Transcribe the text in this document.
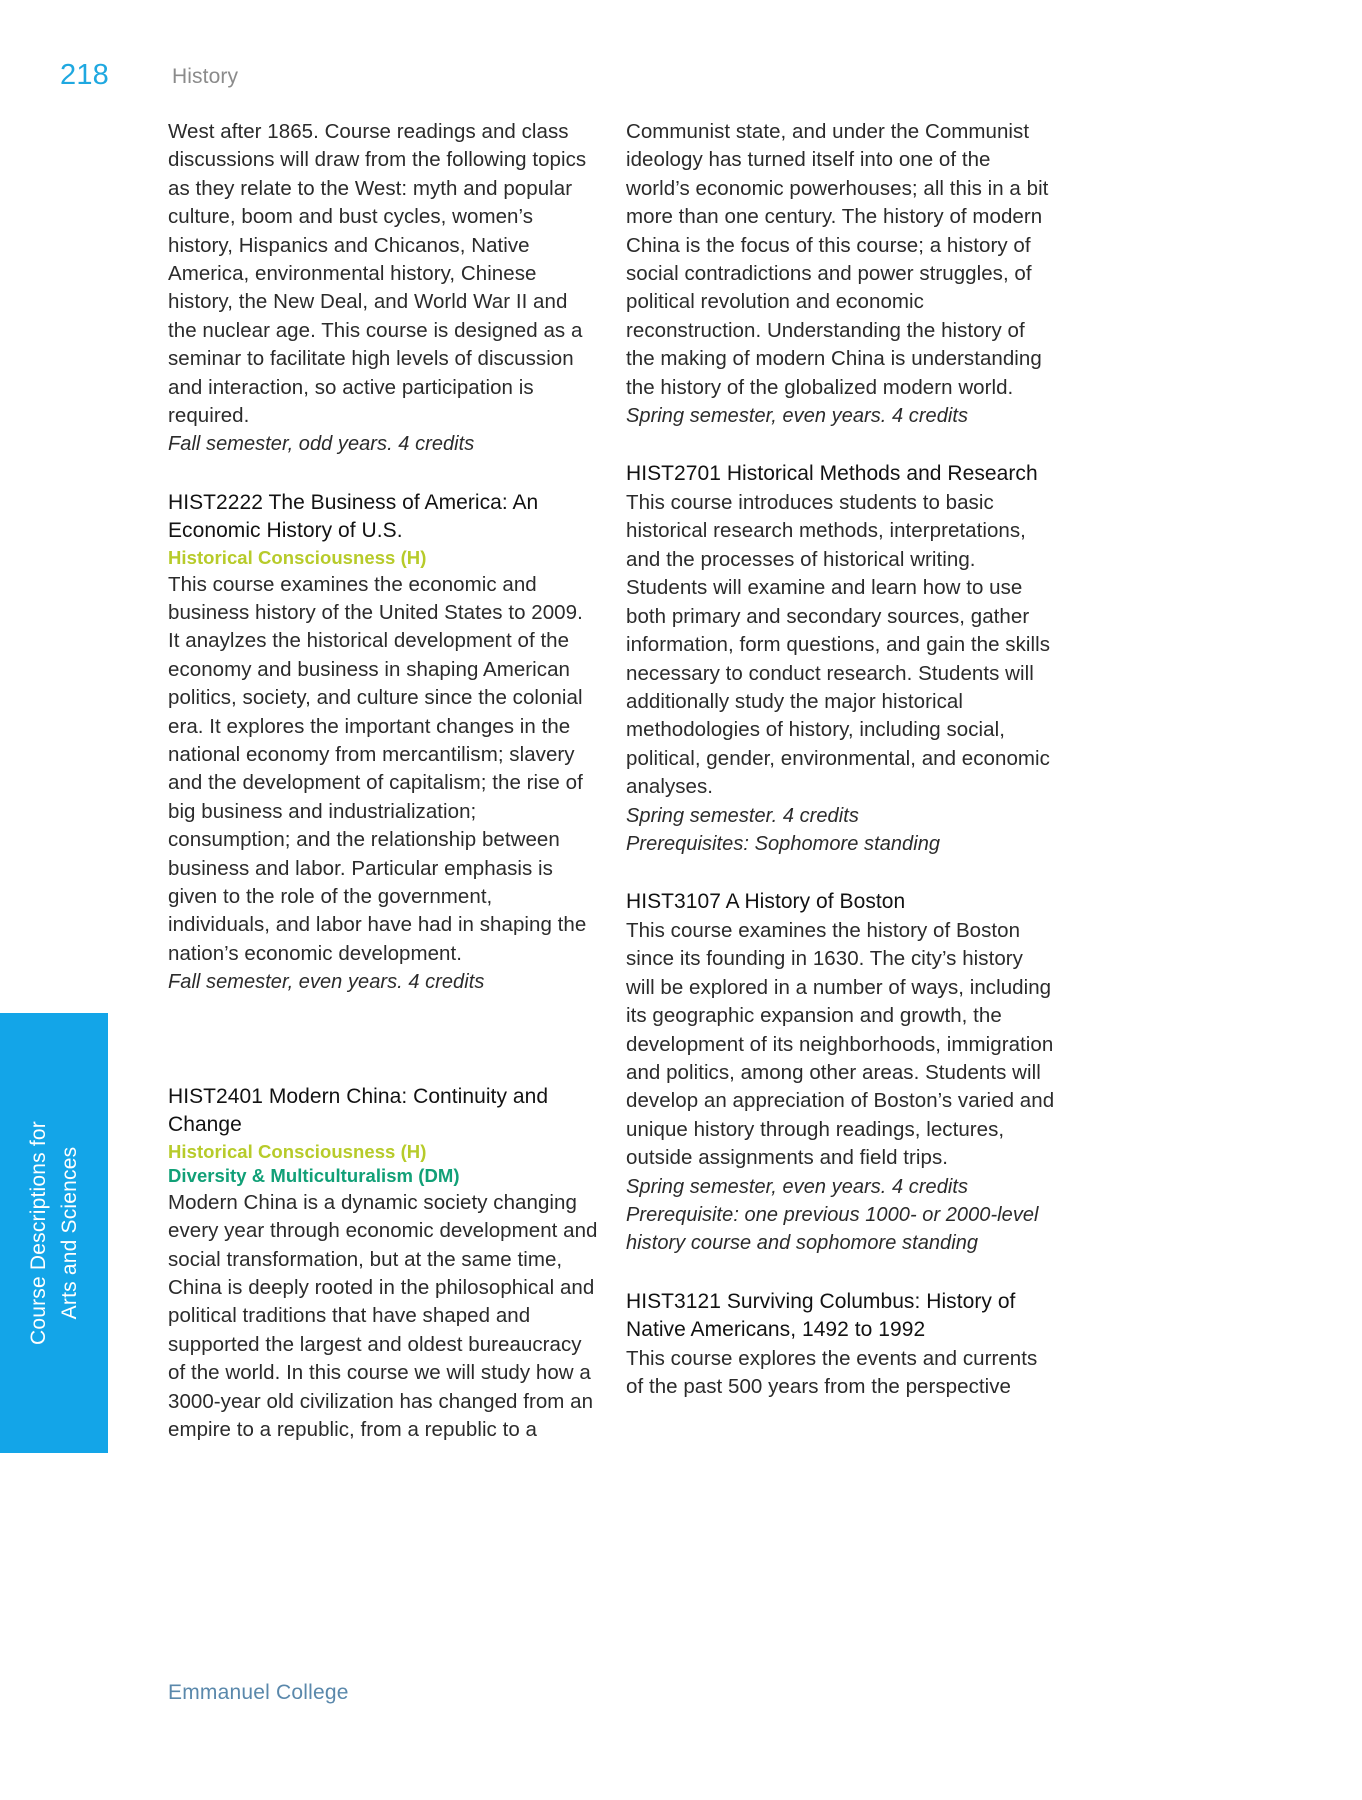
218	History
Course Descriptions for Arts and Sciences

West after 1865. Course readings and class discussions will draw from the following topics as they relate to the West: myth and popular culture, boom and bust cycles, women’s history, Hispanics and Chicanos, Native America, environmental history, Chinese history, the New Deal, and World War II and the nuclear age. This course is designed as a seminar to facilitate high levels of discussion and interaction, so active participation is required.

Fall semester, odd years. 4 credits

HIST2222 The Business of America: An Economic History of U.S.

Historical Consciousness (H)

This course examines the economic and business history of the United States to 2009. It anaylzes the historical development of the economy and business in shaping American politics, society, and culture since the colonial era. It explores the important changes in the national economy from mercantilism; slavery and the development of capitalism; the rise of big business and industrialization; consumption; and the relationship between business and labor. Particular emphasis is given to the role of the government, individuals, and labor have had in shaping the nation’s economic development.

Fall semester, even years. 4 credits

HIST2401 Modern China: Continuity and Change

Historical Consciousness (H)

Diversity & Multiculturalism (DM)

Modern China is a dynamic society changing every year through economic development and social transformation, but at the same time, China is deeply rooted in the philosophical and political traditions that have shaped and supported the largest and oldest bureaucracy of the world. In this course we will study how a 3000-year old civilization has changed from an empire to a republic, from a republic to a

Communist state, and under the Communist ideology has turned itself into one of the world’s economic powerhouses; all this in a bit more than one century. The history of modern China is the focus of this course; a history of social contradictions and power struggles, of political revolution and economic reconstruction. Understanding the history of the making of modern China is understanding the history of the globalized modern world.

Spring semester, even years. 4 credits

HIST2701 Historical Methods and Research

This course introduces students to basic historical research methods, interpretations, and the processes of historical writing. Students will examine and learn how to use both primary and secondary sources, gather information, form questions, and gain the skills necessary to conduct research. Students will additionally study the major historical methodologies of history, including social, political, gender, environmental, and economic analyses.

Spring semester. 4 credits

Prerequisites: Sophomore standing

HIST3107 A History of Boston

This course examines the history of Boston since its founding in 1630. The city’s history will be explored in a number of ways, including its geographic expansion and growth, the development of its neighborhoods, immigration and politics, among other areas. Students will develop an appreciation of Boston’s varied and unique history through readings, lectures, outside assignments and field trips.

Spring semester, even years. 4 credits

Prerequisite: one previous 1000- or 2000-level history course and sophomore standing

HIST3121 Surviving Columbus: History of Native Americans, 1492 to 1992

This course explores the events and currents of the past 500 years from the perspective

Emmanuel College
